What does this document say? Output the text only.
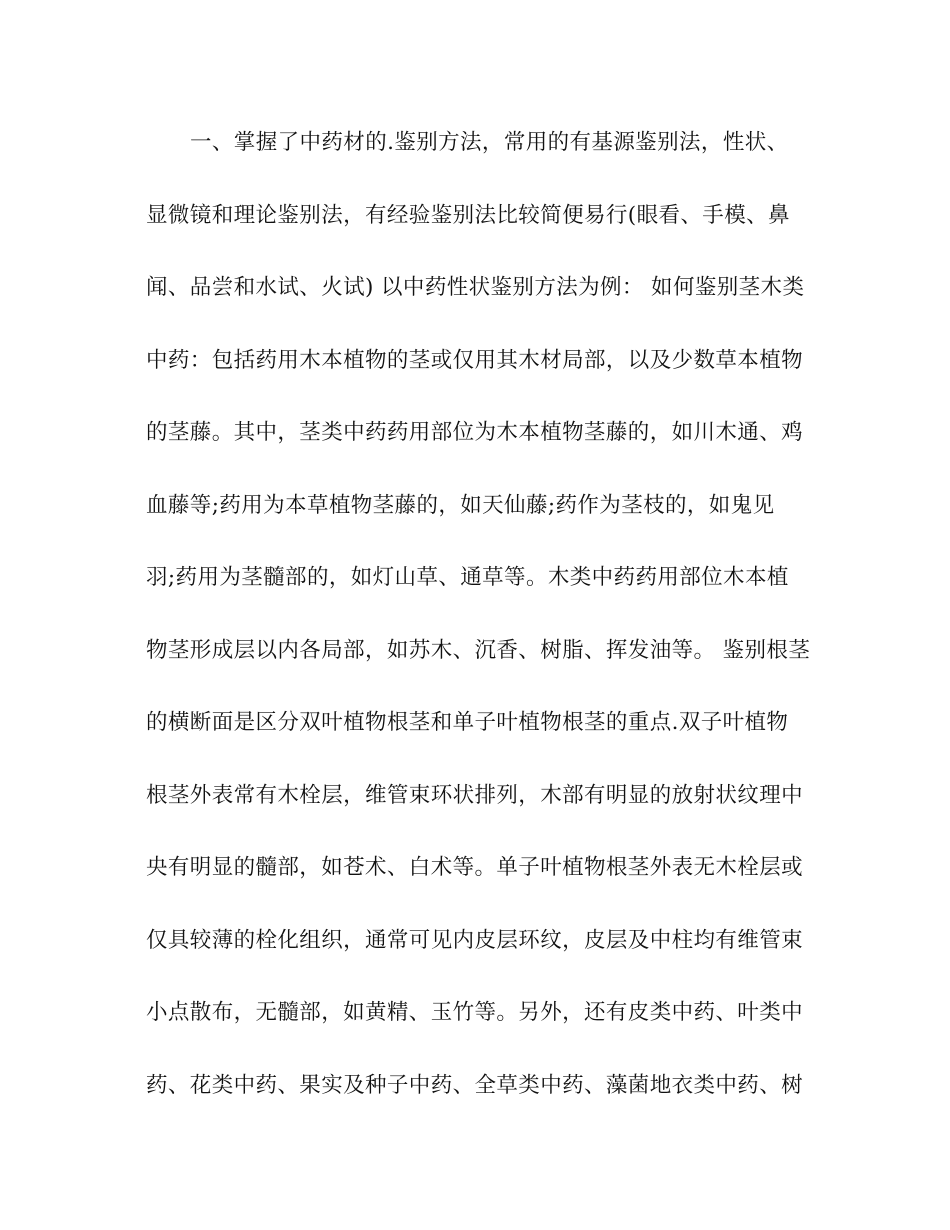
一、掌握了中药材的.鉴别方法，常用的有基源鉴别法，性状、
显微镜和理论鉴别法，有经验鉴别法比较简便易行(眼看、手模、鼻
闻、品尝和水试、火试) 以中药性状鉴别方法为例： 如何鉴别茎木类
中药：包括药用木本植物的茎或仅用其木材局部，以及少数草本植物
的茎藤。其中，茎类中药药用部位为木本植物茎藤的，如川木通、鸡
血藤等;药用为本草植物茎藤的，如天仙藤;药作为茎枝的，如鬼见
羽;药用为茎髓部的，如灯山草、通草等。木类中药药用部位木本植
物茎形成层以内各局部，如苏木、沉香、树脂、挥发油等。 鉴别根茎
的横断面是区分双叶植物根茎和单子叶植物根茎的重点.双子叶植物
根茎外表常有木栓层，维管束环状排列，木部有明显的放射状纹理中
央有明显的髓部，如苍术、白术等。单子叶植物根茎外表无木栓层或
仅具较薄的栓化组织，通常可见内皮层环纹，皮层及中柱均有维管束
小点散布，无髓部，如黄精、玉竹等。另外，还有皮类中药、叶类中
药、花类中药、果实及种子中药、全草类中药、藻菌地衣类中药、树
